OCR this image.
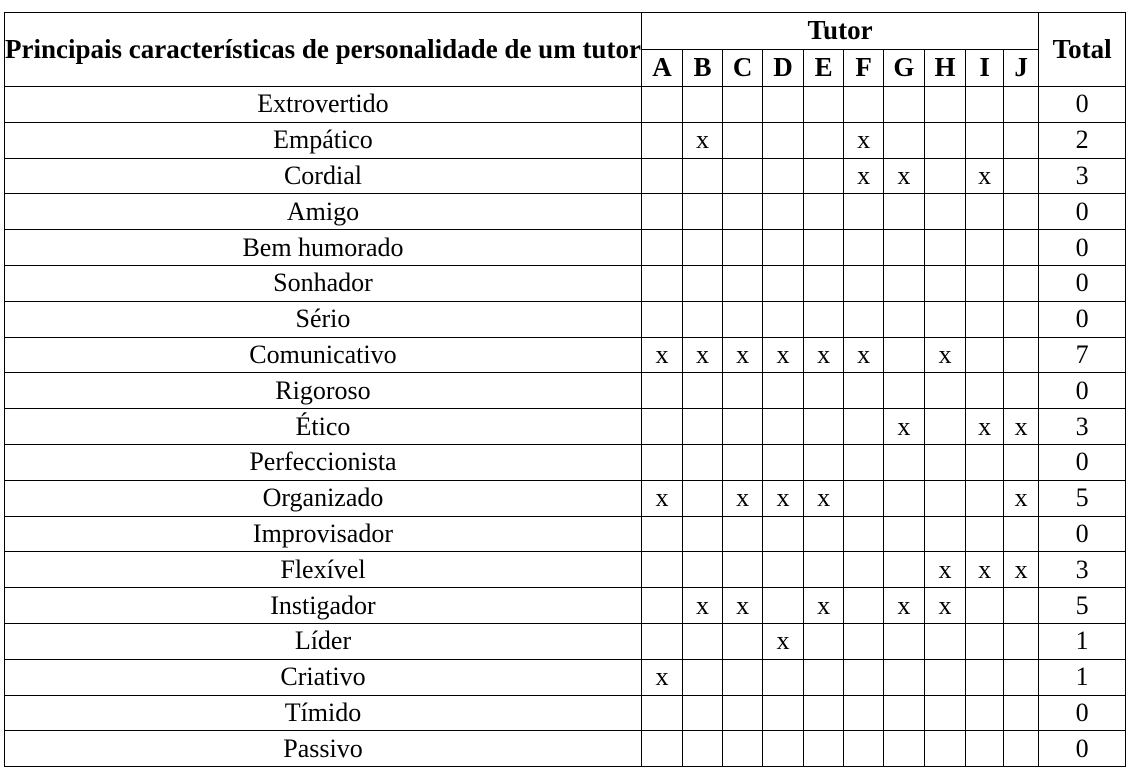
Principais características de personalidade de um tutor	Tutor										Total
	A	B	C	D	E	F	G	H	I	J	
Extrovertido											0
Empático		x				x					2
Cordial						x	x		x		3
Amigo											0
Bem humorado											0
Sonhador											0
Sério											0
Comunicativo	x	x	x	x	x	x		x			7
Rigoroso											0
Ético							x		x	x	3
Perfeccionista											0
Organizado	x		x	x	x					x	5
Improvisador											0
Flexível								x	x	x	3
Instigador		x	x		x		x	x			5
Líder				x							1
Criativo	x										1
Tímido											0
Passivo											0
